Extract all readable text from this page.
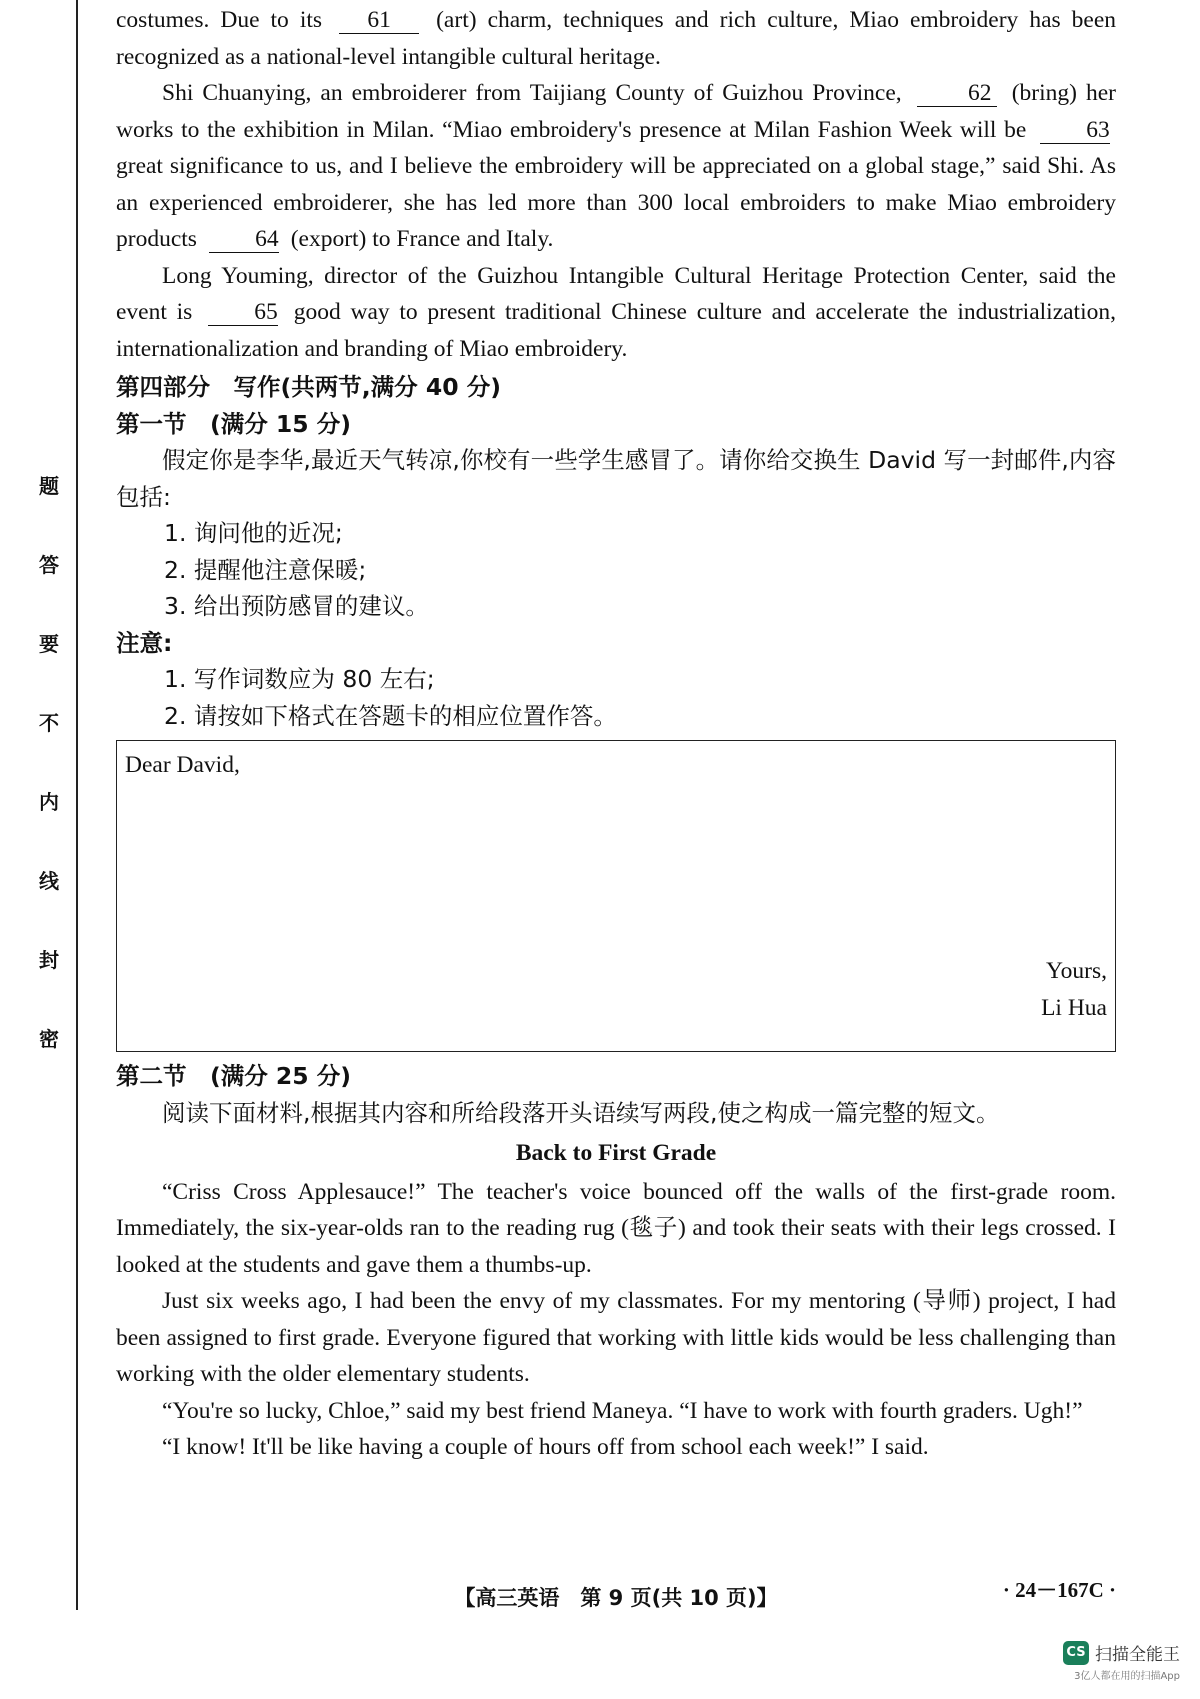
题
答
要
不
内
线
封
密

costumes. Due to its 61 (art) charm, techniques and rich culture, Miao embroidery has been recognized as a national-level intangible cultural heritage.

Shi Chuanying, an embroiderer from Taijiang County of Guizhou Province,	62 (bring) her works to the exhibition in Milan. “Miao embroidery's presence at Milan Fashion Week will be	63 great significance to us, and I believe the embroidery will be appreciated on a global stage,” said Shi. As an experienced embroiderer, she has led more than 300 local embroiders to make Miao embroidery products 64 (export) to France and Italy.

Long Youming, director of the Guizhou Intangible Cultural Heritage Protection Center, said the event is	65 good way to present traditional Chinese culture and accelerate the industrialization, internationalization and branding of Miao embroidery.

第四部分　写作(共两节,满分 40 分)

第一节　(满分 15 分)

假定你是李华,最近天气转凉,你校有一些学生感冒了。请你给交换生 David 写一封邮件,内容包括:

1. 询问他的近况;

2. 提醒他注意保暖;

3. 给出预防感冒的建议。

注意:

1. 写作词数应为 80 左右;

2. 请按如下格式在答题卡的相应位置作答。

Dear David,
Yours,
Li Hua

第二节　(满分 25 分)

阅读下面材料,根据其内容和所给段落开头语续写两段,使之构成一篇完整的短文。

Back to First Grade

“Criss Cross Applesauce!” The teacher's voice bounced off the walls of the first-grade room. Immediately, the six-year-olds ran to the reading rug (毯子) and took their seats with their legs crossed. I looked at the students and gave them a thumbs-up.

Just six weeks ago, I had been the envy of my classmates. For my mentoring (导师) project, I had been assigned to first grade. Everyone figured that working with little kids would be less challenging than working with the older elementary students.

“You're so lucky, Chloe,” said my best friend Maneya. “I have to work with fourth graders. Ugh!”

“I know! It'll be like having a couple of hours off from school each week!” I said.

【高三英语　第 9 页(共 10 页)】	· 24－167C ·
CS 扫描全能王
3亿人都在用的扫描App
